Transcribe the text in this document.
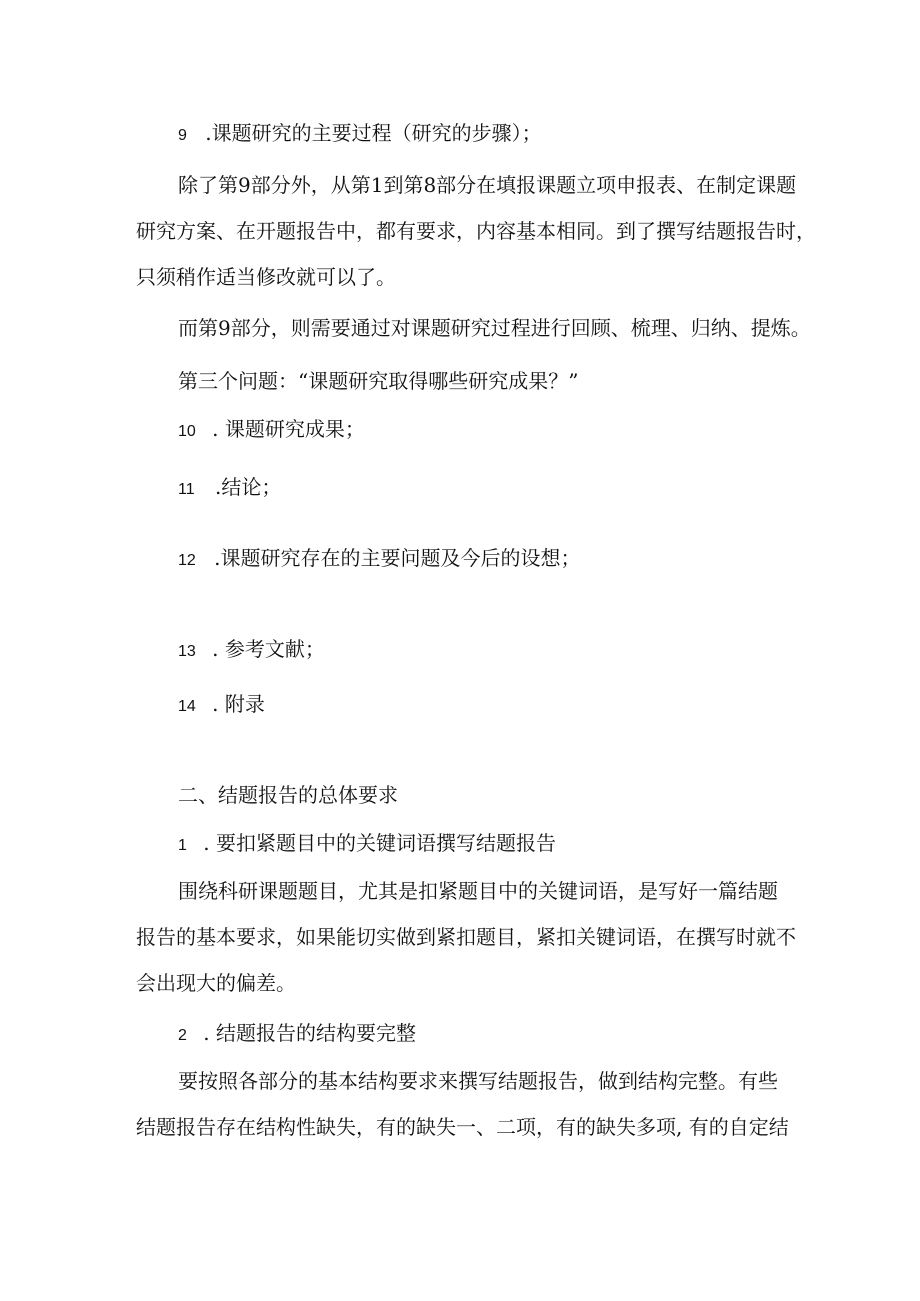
9 .课题研究的主要过程（研究的步骤）；
除了第9部分外，从第1到第8部分在填报课题立项申报表、在制定课题
研究方案、在开题报告中，都有要求，内容基本相同。到了撰写结题报告时，
只须稍作适当修改就可以了。
而第9部分，则需要通过对课题研究过程进行回顾、梳理、归纳、提炼。
第三个问题：“课题研究取得哪些研究成果？”
10 . 课题研究成果；
11 .结论；
12 .课题研究存在的主要问题及今后的设想；
13 . 参考文献；
14 . 附录
二、结题报告的总体要求
1 . 要扣紧题目中的关键词语撰写结题报告
围绕科研课题题目，尤其是扣紧题目中的关键词语，是写好一篇结题
报告的基本要求，如果能切实做到紧扣题目，紧扣关键词语，在撰写时就不
会出现大的偏差。
2 . 结题报告的结构要完整
要按照各部分的基本结构要求来撰写结题报告，做到结构完整。有些
结题报告存在结构性缺失，有的缺失一、二项，有的缺失多项, 有的自定结
